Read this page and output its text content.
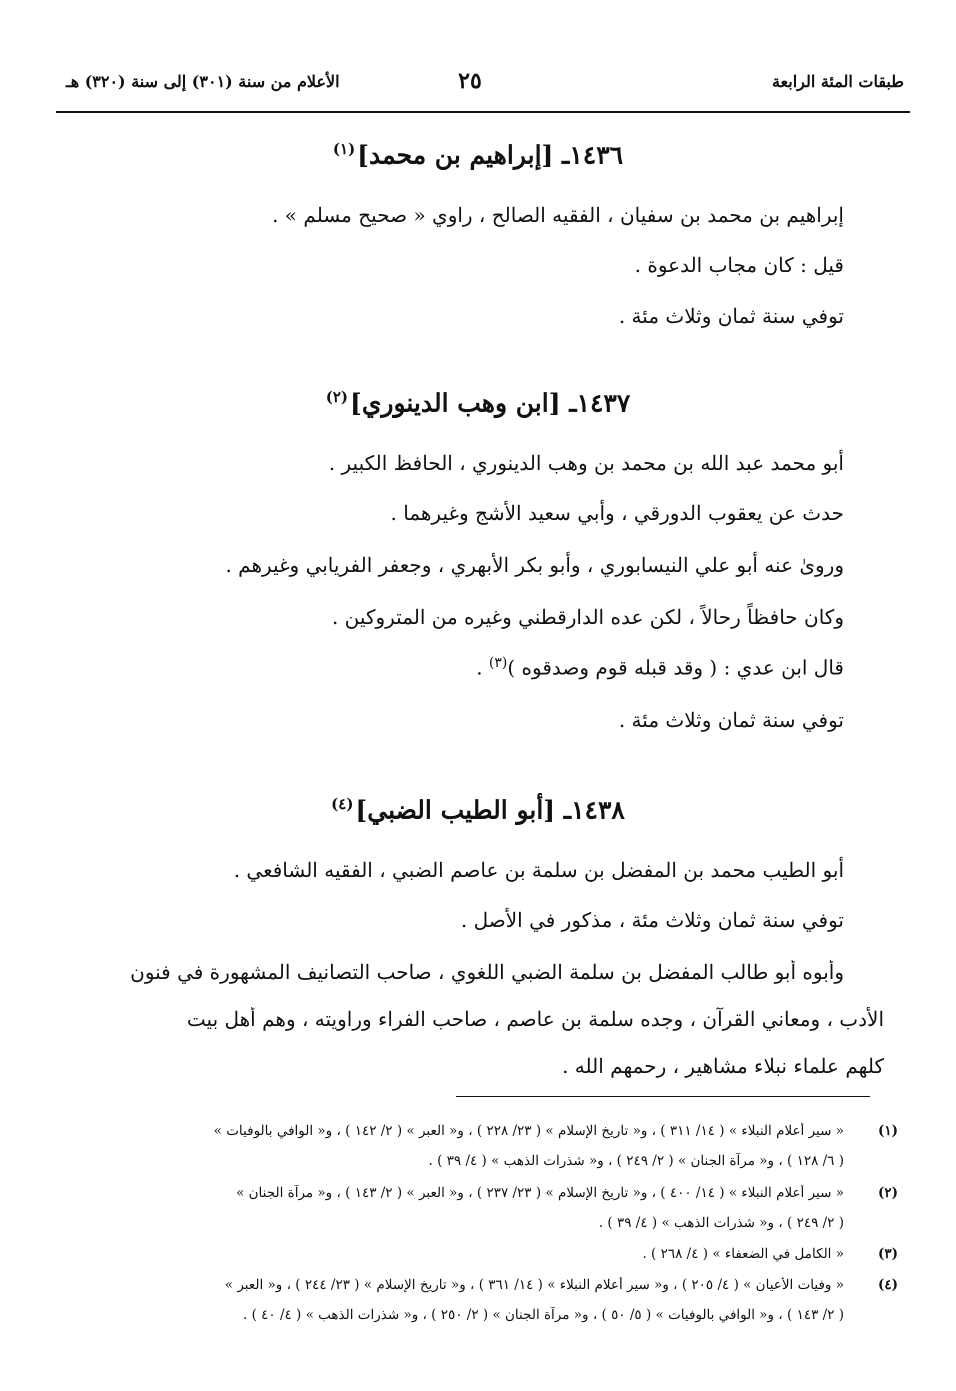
طبقات المئة الرابعة
٢٥
الأعلام من سنة (٣٠١) إلى سنة (٣٢٠) هـ
١٤٣٦ـ [إبراهيم بن محمد]$^{(١)}$
إبراهيم بن محمد بن سفيان ، الفقيه الصالح ، راوي « صحيح مسلم » .
قيل : كان مجاب الدعوة .
توفي سنة ثمان وثلاث مئة .
١٤٣٧ـ [ابن وهب الدينوري]$^{(٢)}$
أبو محمد عبد الله بن محمد بن وهب الدينوري ، الحافظ الكبير .
حدث عن يعقوب الدورقي ، وأبي سعيد الأشج وغيرهما .
وروىٰ عنه أبو علي النيسابوري ، وأبو بكر الأبهري ، وجعفر الفريابي وغيرهم .
وكان حافظاً رحالاً ، لكن عده الدارقطني وغيره من المتروكين .
قال ابن عدي : ( وقد قبله قوم وصدقوه )$^{(٣)}$ .
توفي سنة ثمان وثلاث مئة .
١٤٣٨ـ [أبو الطيب الضبي]$^{(٤)}$
أبو الطيب محمد بن المفضل بن سلمة بن عاصم الضبي ، الفقيه الشافعي .
توفي سنة ثمان وثلاث مئة ، مذكور في الأصل .
وأبوه أبو طالب المفضل بن سلمة الضبي اللغوي ، صاحب التصانيف المشهورة في فنون
الأدب ، ومعاني القرآن ، وجده سلمة بن عاصم ، صاحب الفراء وراويته ، وهم أهل بيت
كلهم علماء نبلاء مشاهير ، رحمهم الله .
(١)« سير أعلام النبلاء » ( ١٤/ ٣١١ ) ، و« تاريخ الإسلام » ( ٢٣/ ٢٢٨ ) ، و« العبر » ( ٢/ ١٤٢ ) ، و« الوافي بالوفيات »
( ٦/ ١٢٨ ) ، و« مرآة الجنان » ( ٢/ ٢٤٩ ) ، و« شذرات الذهب » ( ٤/ ٣٩ ) .
(٢)« سير أعلام النبلاء » ( ١٤/ ٤٠٠ ) ، و« تاريخ الإسلام » ( ٢٣/ ٢٣٧ ) ، و« العبر » ( ٢/ ١٤٣ ) ، و« مرآة الجنان »
( ٢/ ٢٤٩ ) ، و« شذرات الذهب » ( ٤/ ٣٩ ) .
(٣)« الكامل في الضعفاء » ( ٤/ ٢٦٨ ) .
(٤)« وفيات الأعيان » ( ٤/ ٢٠٥ ) ، و« سير أعلام النبلاء » ( ١٤/ ٣٦١ ) ، و« تاريخ الإسلام » ( ٢٣/ ٢٤٤ ) ، و« العبر »
( ٢/ ١٤٣ ) ، و« الوافي بالوفيات » ( ٥/ ٥٠ ) ، و« مرآة الجنان » ( ٢/ ٢٥٠ ) ، و« شذرات الذهب » ( ٤/ ٤٠ ) .
